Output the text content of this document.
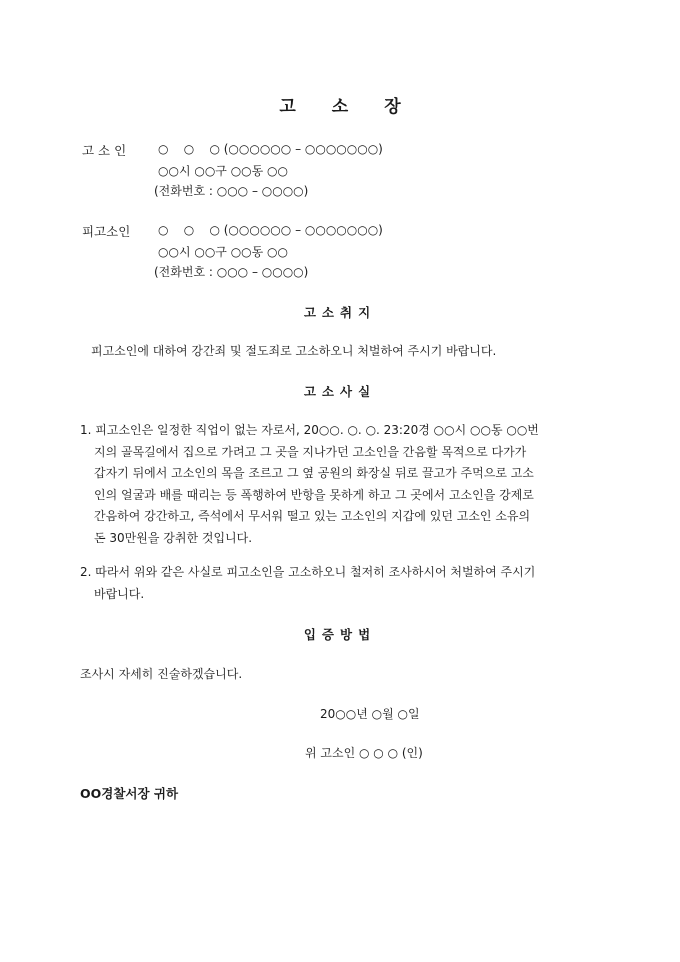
고 소 장
고 소 인	○    ○    ○ (○○○○○○ – ○○○○○○○)
○○시 ○○구 ○○동 ○○
(전화번호 : ○○○ – ○○○○)
피고소인 ○    ○    ○ (○○○○○○ – ○○○○○○○)
○○시 ○○구 ○○동 ○○
(전화번호 : ○○○ – ○○○○)
고소취지
피고소인에 대하여 강간죄 및 절도죄로 고소하오니 처벌하여 주시기 바랍니다.
고소사실
1. 피고소인은 일정한 직업이 없는 자로서, 20○○. ○. ○. 23:20경 ○○시 ○○동 ○○번
지의 골목길에서 집으로 가려고 그 곳을 지나가던 고소인을 간음할 목적으로 다가가
갑자기 뒤에서 고소인의 목을 조르고 그 옆 공원의 화장실 뒤로 끌고가 주먹으로 고소
인의 얼굴과 배를 때리는 등 폭행하여 반항을 못하게 하고 그 곳에서 고소인을 강제로
간음하여 강간하고, 즉석에서 무서워 떨고 있는 고소인의 지갑에 있던 고소인 소유의
돈 30만원을 강취한 것입니다.
2. 따라서 위와 같은 사실로 피고소인을 고소하오니 철저히 조사하시어 처벌하여 주시기
바랍니다.
입증방법
조사시 자세히 진술하겠습니다.
20○○년 ○월 ○일
위 고소인 ○ ○ ○ (인)
OO경찰서장 귀하
